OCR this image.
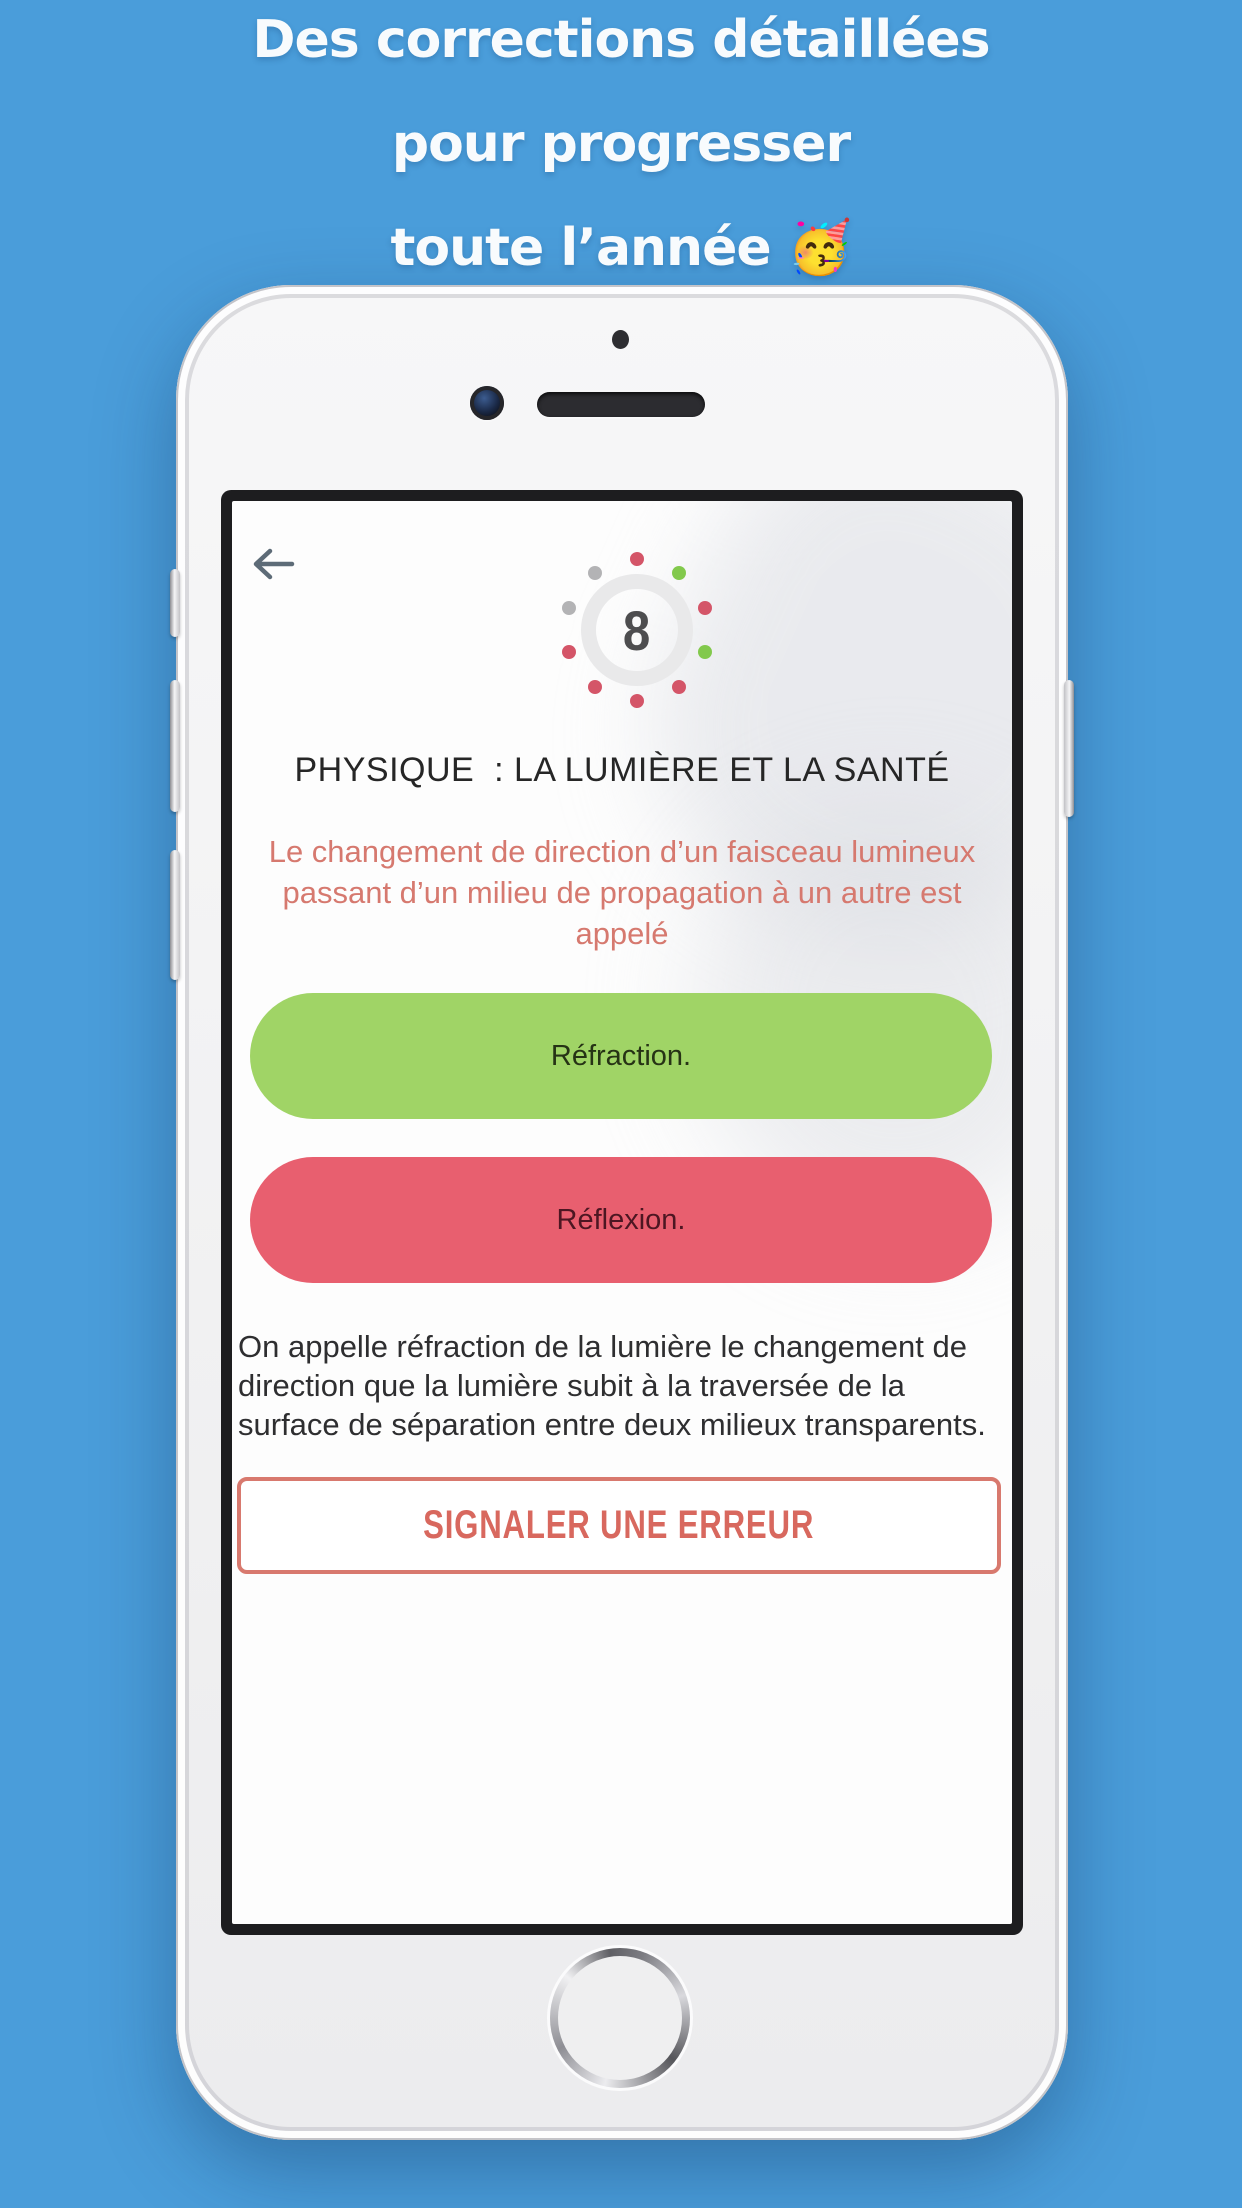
Des corrections détaillées
pour progresser
toute l’année 🥳
8
PHYSIQUE  : LA LUMIÈRE ET LA SANTÉ
Le changement de direction d’un faisceau lumineux passant d’un milieu de propagation à un autre est appelé
Réfraction.
Réflexion.
On appelle réfraction de la lumière le changement de direction que la lumière subit à la traversée de la surface de séparation entre deux milieux transparents.
SIGNALER UNE ERREUR
